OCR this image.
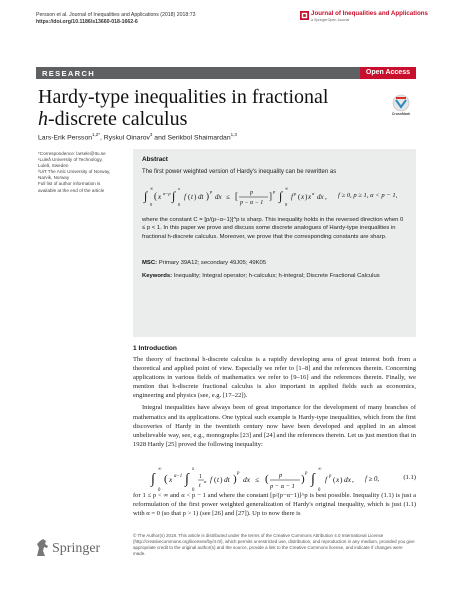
Persson et al. Journal of Inequalities and Applications (2018) 2018:73
https://doi.org/10.1186/s13660-018-1662-6
Journal of Inequalities and Applications
a SpringerOpen Journal
RESEARCH	Open Access
Hardy-type inequalities in fractional
h-discrete calculus	CrossMark
Lars-Erik Persson$^{1,2*}$, Ryskul Oinarov$^3$ and Serikbol Shaimardan$^{1,3}$
*Correspondence: larsele@Itu.se
¹Luleå University of Technology,
Luleå, Sweden
²UiT The Artic University of Norway,
Narvik, Norway
Full list of author information is
available at the end of the article
Abstract
The first power weighted version of Hardy's inequality can be rewritten as
∫
∞
0
( x α−p ∫
x
0
f ( t ) dt ) p
dx ≤ [ p
p − α − 1
] p ∫
∞
0
f p ( x ) x α dx , f ≥ 0, p ≥ 1, α < p − 1,
where the constant C = [p/(p−α−1)]^p is sharp. This inequality holds in the reversed direction when 0 ≤ p < 1. In this paper we prove and discuss some discrete analogues of Hardy-type inequalities in fractional h-discrete calculus. Moreover, we prove that the corresponding constants are sharp.
MSC: Primary 39A12; secondary 49J05; 49K05
Keywords: Inequality; Integral operator; h-calculus; h-integral; Discrete Fractional Calculus
1 Introduction

The theory of fractional h-discrete calculus is a rapidly developing area of great interest both from a theoretical and applied point of view. Especially we refer to [1–8] and the references therein. Concerning applications in various fields of mathematics we refer to [9–16] and the references therein. Finally, we mention that h-discrete fractional calculus is also important in applied fields such as economics, engineering and physics (see, e.g. [17–22]).

Integral inequalities have always been of great importance for the development of many branches of mathematics and its applications. One typical such example is Hardy-type inequalities, which from the first discoveries of Hardy in the twentieth century now have been developed and applied in an almost unbelievable way, see, e.g., monographs [23] and [24] and the references therein. Let us just mention that in 1928 Hardy [25] proved the following inequality:

∫
∞
0
( x α−1 ∫
x
0
1
t
α f ( t ) dt ) p
dx ≤ ( p
p − α − 1
) p ∫
∞
0
f p ( x ) dx , f ≥ 0,	(1.1)

for 1 ≤ p < ∞ and α < p − 1 and where the constant [p/(p−α−1)]^p is best possible. Inequality (1.1) is just a reformulation of the first power weighted generalization of Hardy's original inequality, which is just (1.1) with α = 0 (so that p > 1) (see [26] and [27]). Up to now there is

Springer
© The Author(s) 2018. This article is distributed under the terms of the Creative Commons Attribution 4.0 International License (http://creativecommons.org/licenses/by/4.0/), which permits unrestricted use, distribution, and reproduction in any medium, provided you give appropriate credit to the original author(s) and the source, provide a link to the Creative Commons license, and indicate if changes were made.
